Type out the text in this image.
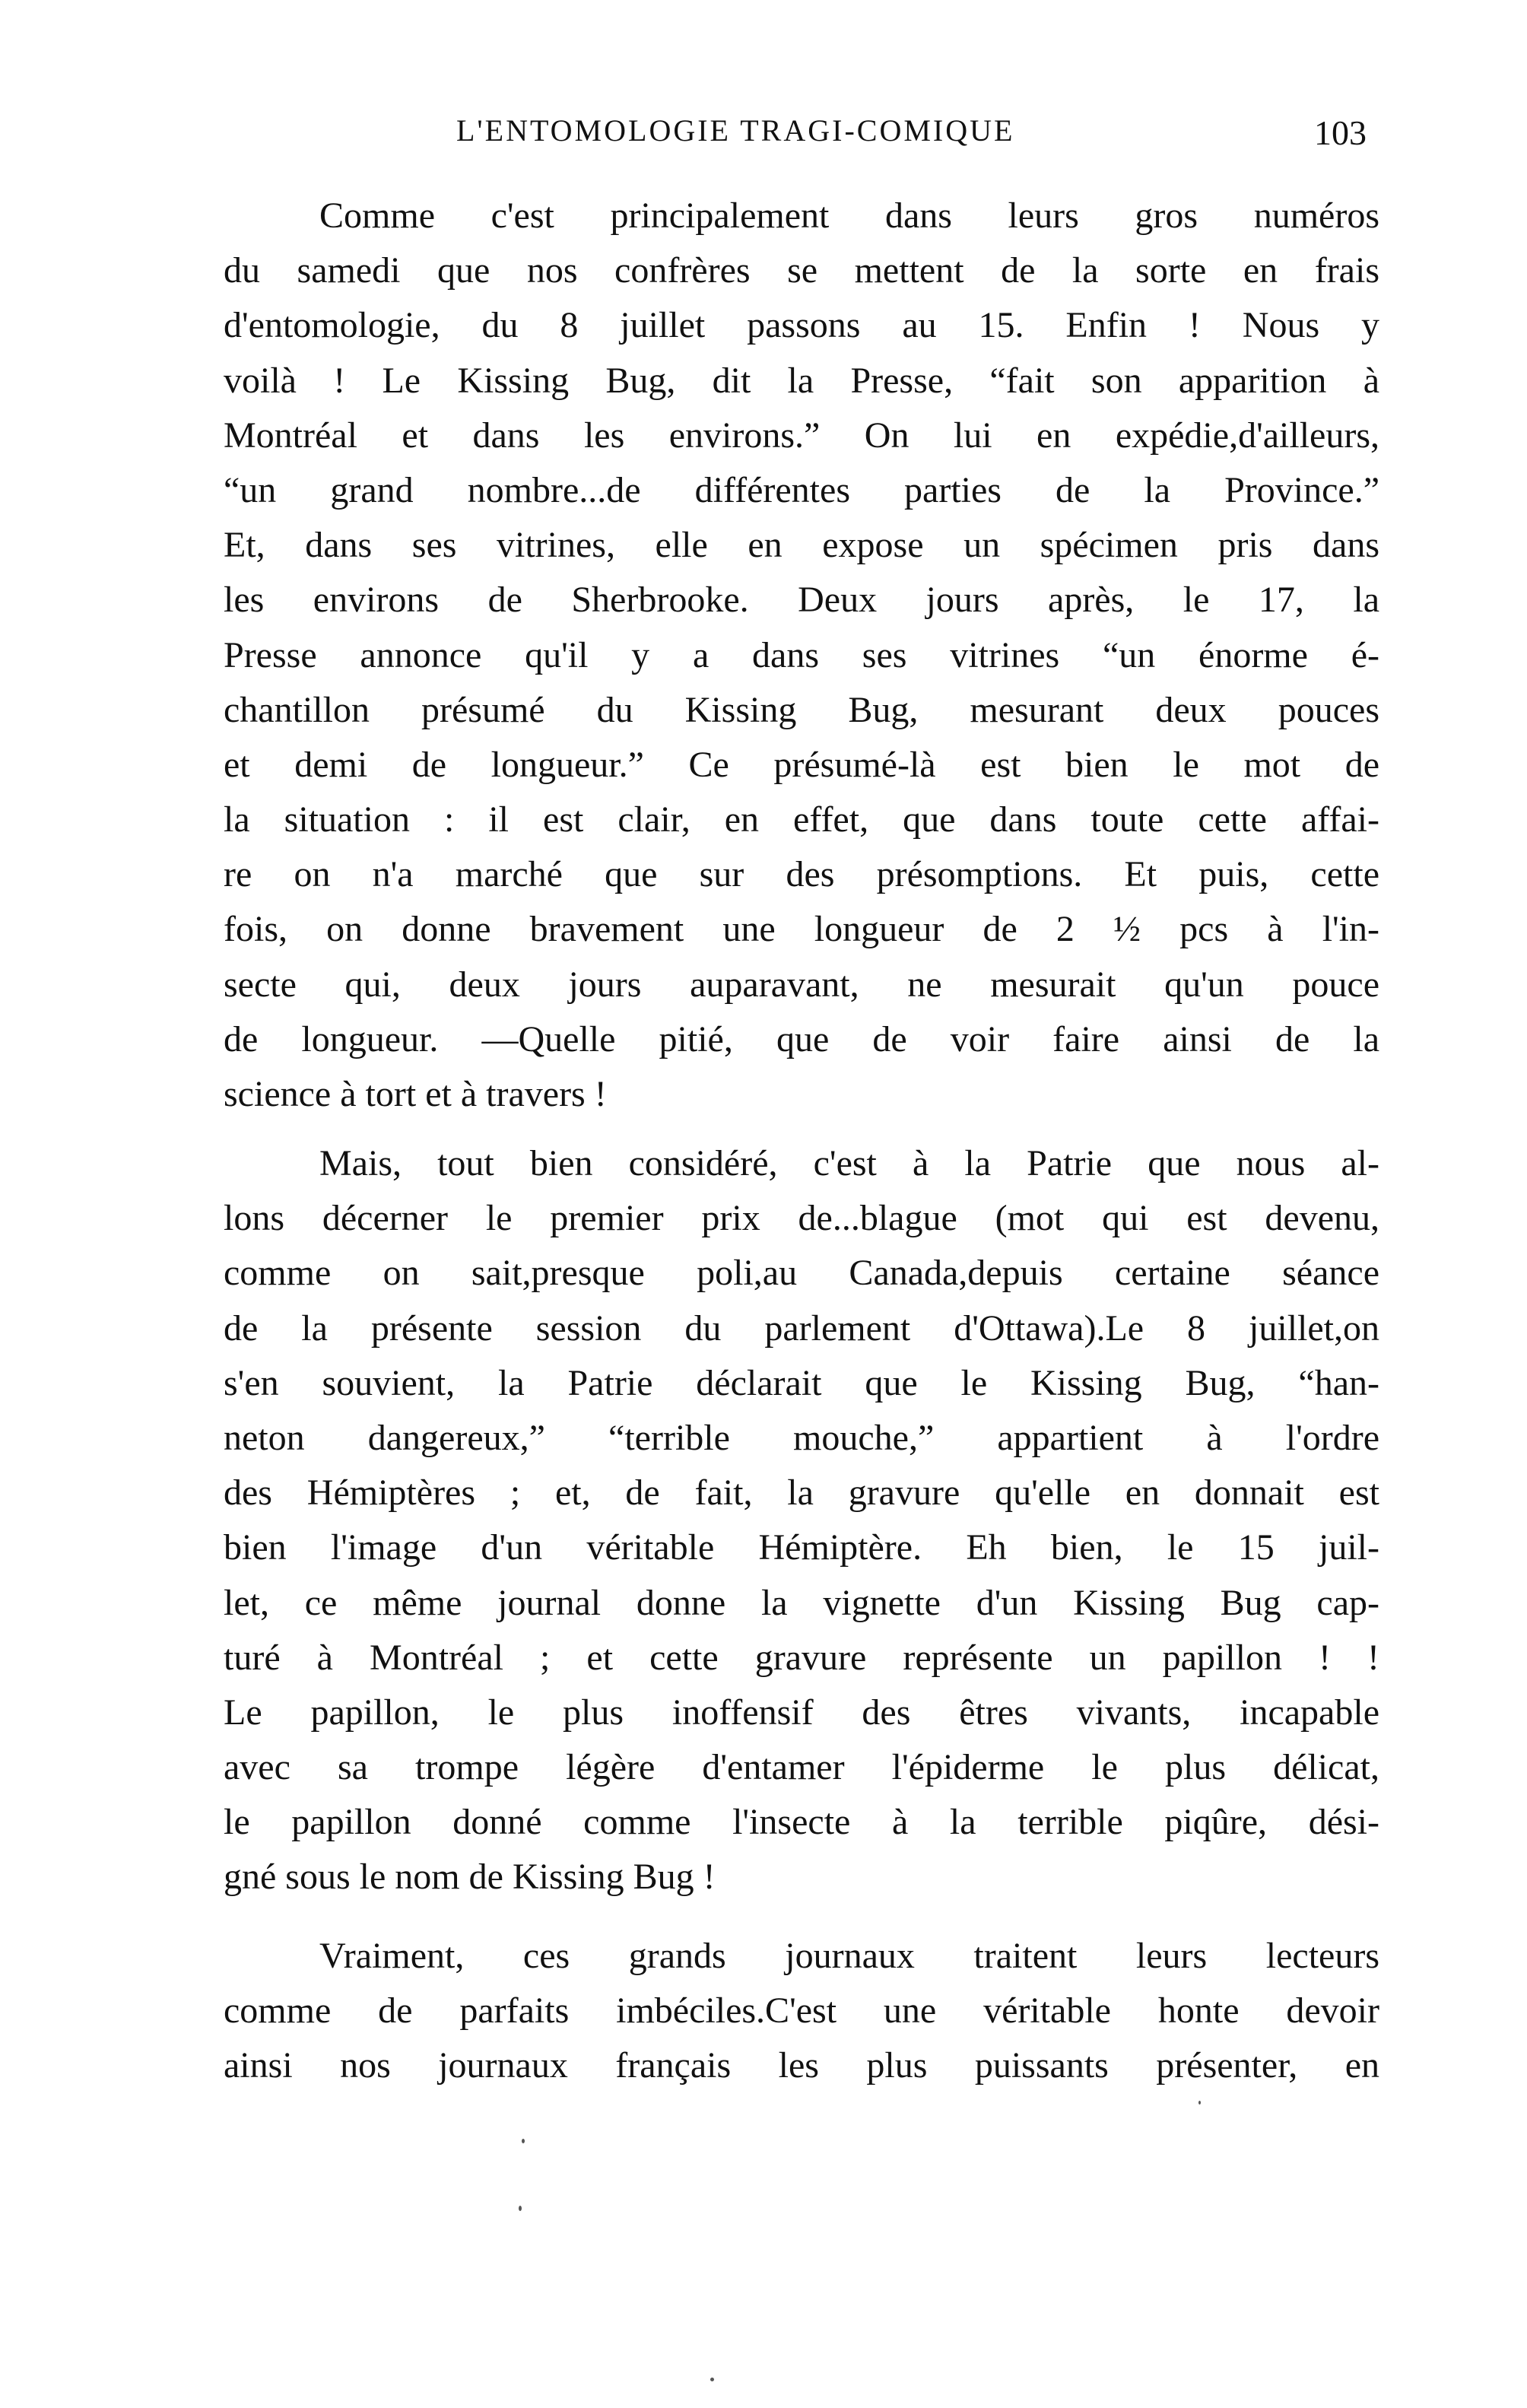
L'ENTOMOLOGIE TRAGI-COMIQUE	103
Comme c'est principalement dans leurs gros numéros
du samedi que nos confrères se mettent de la sorte en frais
d'entomologie, du 8 juillet passons au 15. Enfin ! Nous y
voilà ! Le Kissing Bug, dit la Presse, “fait son apparition à
Montréal et dans les environs.” On lui en expédie,d'ailleurs,
“un grand nombre...de différentes parties de la Province.”
Et, dans ses vitrines, elle en expose un spécimen pris dans
les environs de Sherbrooke. Deux jours après, le 17, la
Presse annonce qu'il y a dans ses vitrines “un énorme é-
chantillon présumé du Kissing Bug, mesurant deux pouces
et demi de longueur.” Ce présumé-là est bien le mot de
la situation : il est clair, en effet, que dans toute cette affai-
re on n'a marché que sur des présomptions. Et puis, cette
fois, on donne bravement une longueur de 2 ½ pcs à l'in-
secte qui, deux jours auparavant, ne mesurait qu'un pouce
de longueur. —Quelle pitié, que de voir faire ainsi de la
science à tort et à travers !
Mais, tout bien considéré, c'est à la Patrie que nous al-
lons décerner le premier prix de...blague (mot qui est devenu,
comme on sait,presque poli,au Canada,depuis certaine séance
de la présente session du parlement d'Ottawa).Le 8 juillet,on
s'en souvient, la Patrie déclarait que le Kissing Bug, “han-
neton dangereux,” “terrible mouche,” appartient à l'ordre
des Hémiptères ; et, de fait, la gravure qu'elle en donnait est
bien l'image d'un véritable Hémiptère. Eh bien, le 15 juil-
let, ce même journal donne la vignette d'un Kissing Bug cap-
turé à Montréal ; et cette gravure représente un papillon ! !
Le papillon, le plus inoffensif des êtres vivants, incapable
avec sa trompe légère d'entamer l'épiderme le plus délicat,
le papillon donné comme l'insecte à la terrible piqûre, dési-
gné sous le nom de Kissing Bug !
Vraiment, ces grands journaux traitent leurs lecteurs
comme de parfaits imbéciles.C'est une véritable honte devoir
ainsi nos journaux français les plus puissants présenter, en
